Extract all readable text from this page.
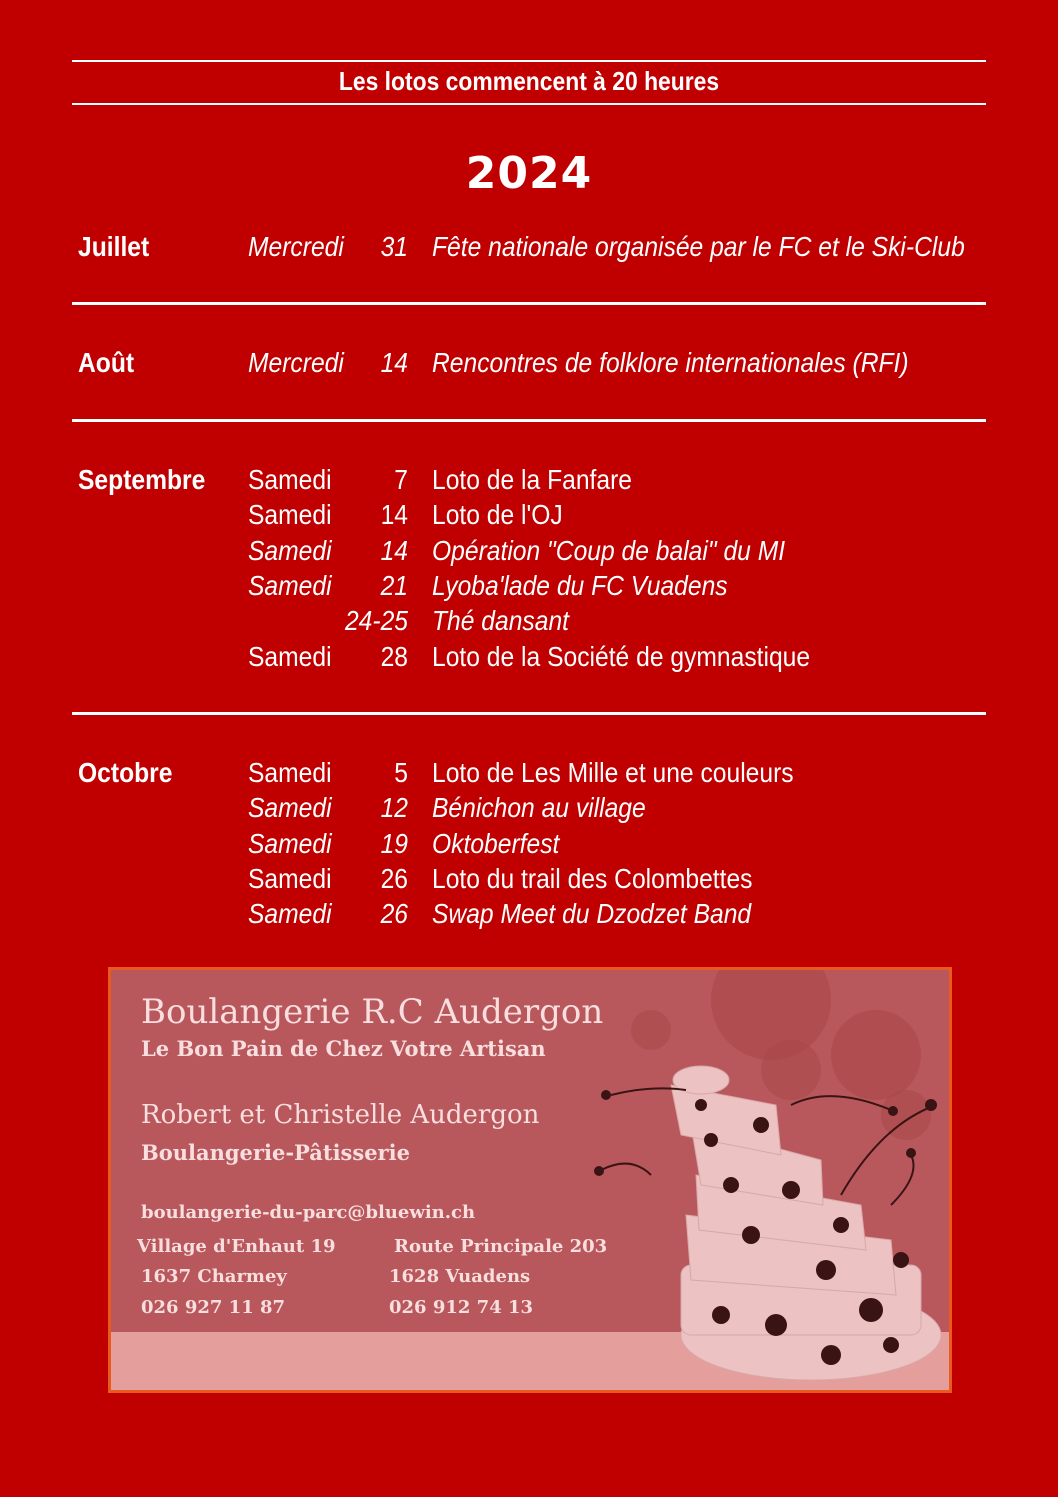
Les lotos commencent à 20 heures
2024
Juillet	Mercredi	31 Fête nationale organisée par le FC et le Ski-Club
Août	Mercredi	14 Rencontres de folklore internationales (RFI)
Septembre Samedi	7 Loto de la Fanfare
Samedi	14 Loto de l'OJ
Samedi	14 Opération "Coup de balai" du MI
Samedi	21 Lyoba'lade du FC Vuadens
24-25 Thé dansant
Samedi	28 Loto de la Société de gymnastique
Octobre	Samedi	5 Loto de Les Mille et une couleurs
Samedi	12 Bénichon au village
Samedi	19 Oktoberfest
Samedi	26 Loto du trail des Colombettes
Samedi	26 Swap Meet du Dzodzet Band
Boulangerie R.C Audergon
Le Bon Pain de Chez Votre Artisan
Robert et Christelle Audergon
Boulangerie-Pâtisserie
boulangerie-du-parc@bluewin.ch
Village d'Enhaut 19
1637 Charmey
026 927 11 87
Route Principale 203
1628 Vuadens
026 912 74 13
